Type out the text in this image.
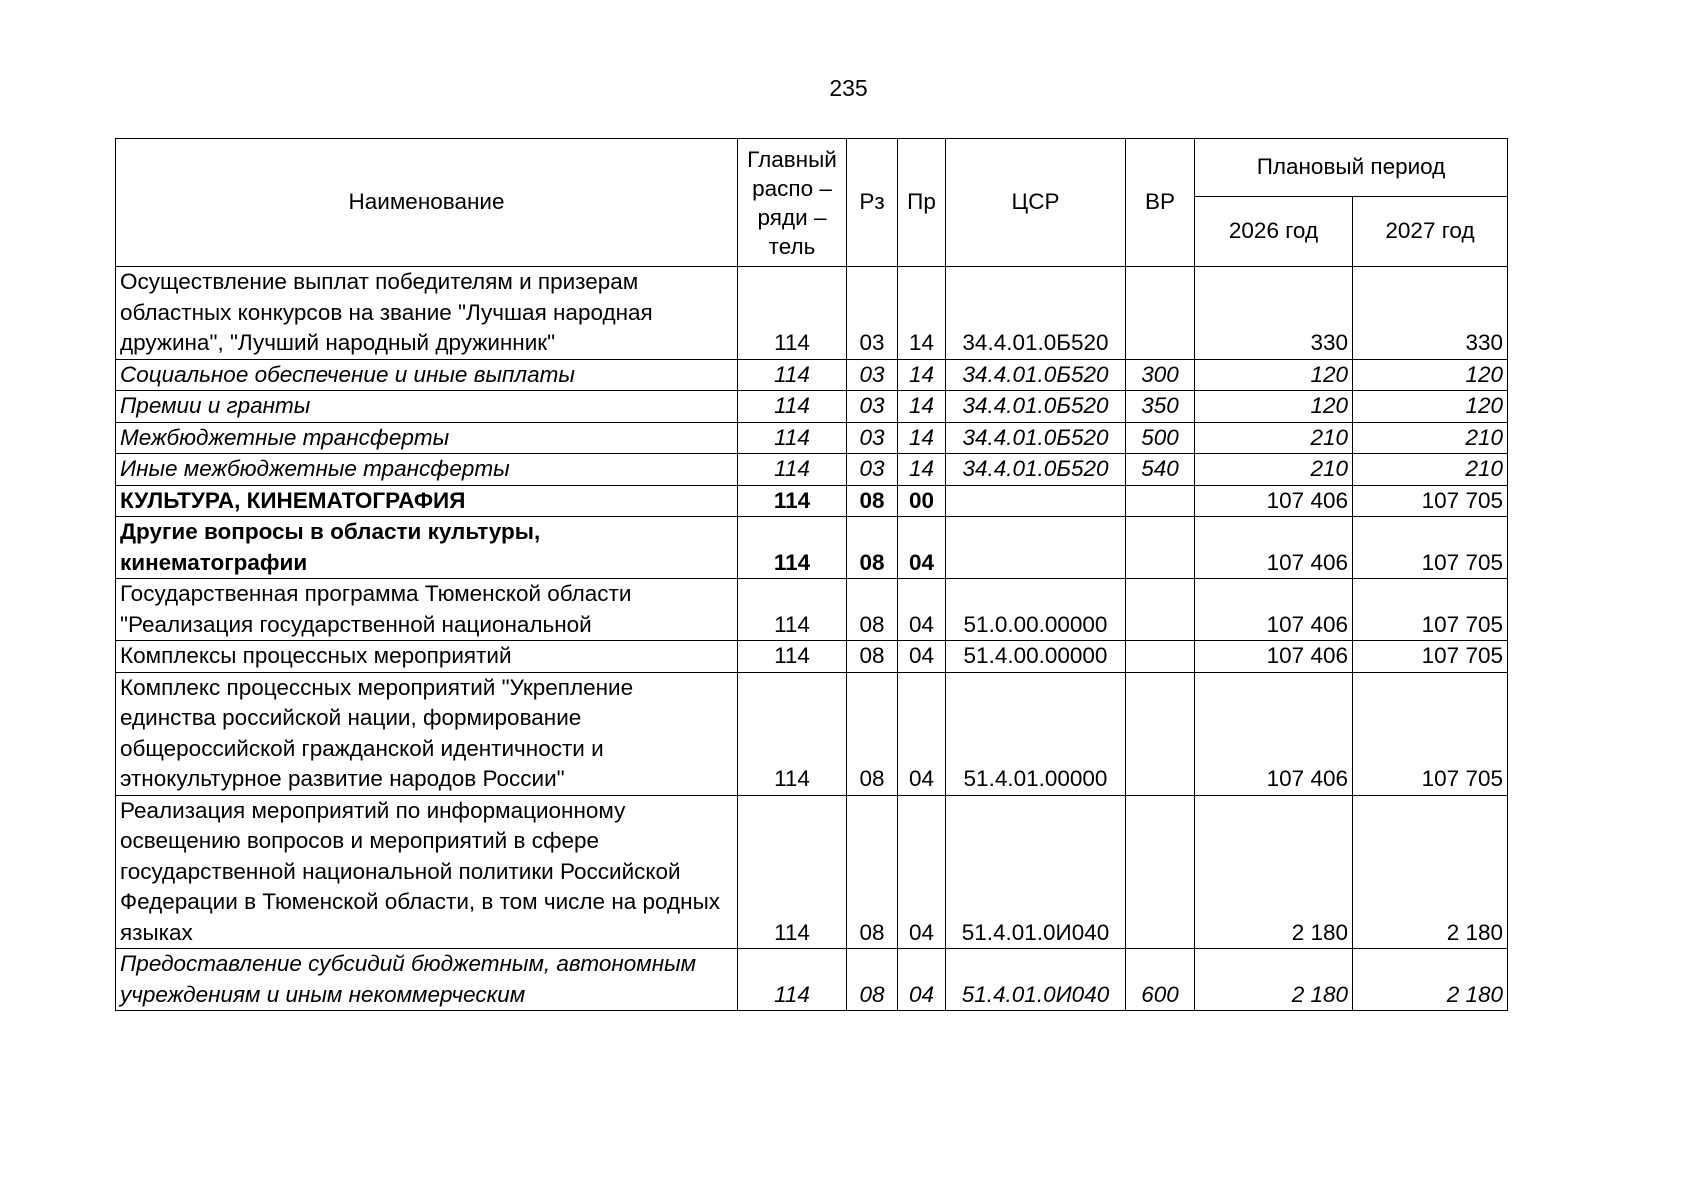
235
Наименование	Главный распо – ряди – тель	Рз	Пр	ЦСР	ВР	Плановый период	
						2026 год	2027 год
Осуществление выплат победителям и призерам областных конкурсов на звание "Лучшая народная дружина", "Лучший народный дружинник"	114	03	14	34.4.01.0Б520		330	330
Социальное обеспечение и иные выплаты	114	03	14	34.4.01.0Б520	300	120	120
Премии и гранты	114	03	14	34.4.01.0Б520	350	120	120
Межбюджетные трансферты	114	03	14	34.4.01.0Б520	500	210	210
Иные межбюджетные трансферты	114	03	14	34.4.01.0Б520	540	210	210
КУЛЬТУРА, КИНЕМАТОГРАФИЯ	114	08	00			107 406	107 705
Другие вопросы в области культуры, кинематографии	114	08	04			107 406	107 705
Государственная программа Тюменской области "Реализация государственной национальной	114	08	04	51.0.00.00000		107 406	107 705
Комплексы процессных мероприятий	114	08	04	51.4.00.00000		107 406	107 705
Комплекс процессных мероприятий "Укрепление единства российской нации, формирование общероссийской гражданской идентичности и этнокультурное развитие народов России"	114	08	04	51.4.01.00000		107 406	107 705
Реализация мероприятий по информационному освещению вопросов и мероприятий в сфере государственной национальной политики Российской Федерации в Тюменской области, в том числе на родных языках	114	08	04	51.4.01.0И040		2 180	2 180
Предоставление субсидий бюджетным, автономным учреждениям и иным некоммерческим	114	08	04	51.4.01.0И040	600	2 180	2 180
